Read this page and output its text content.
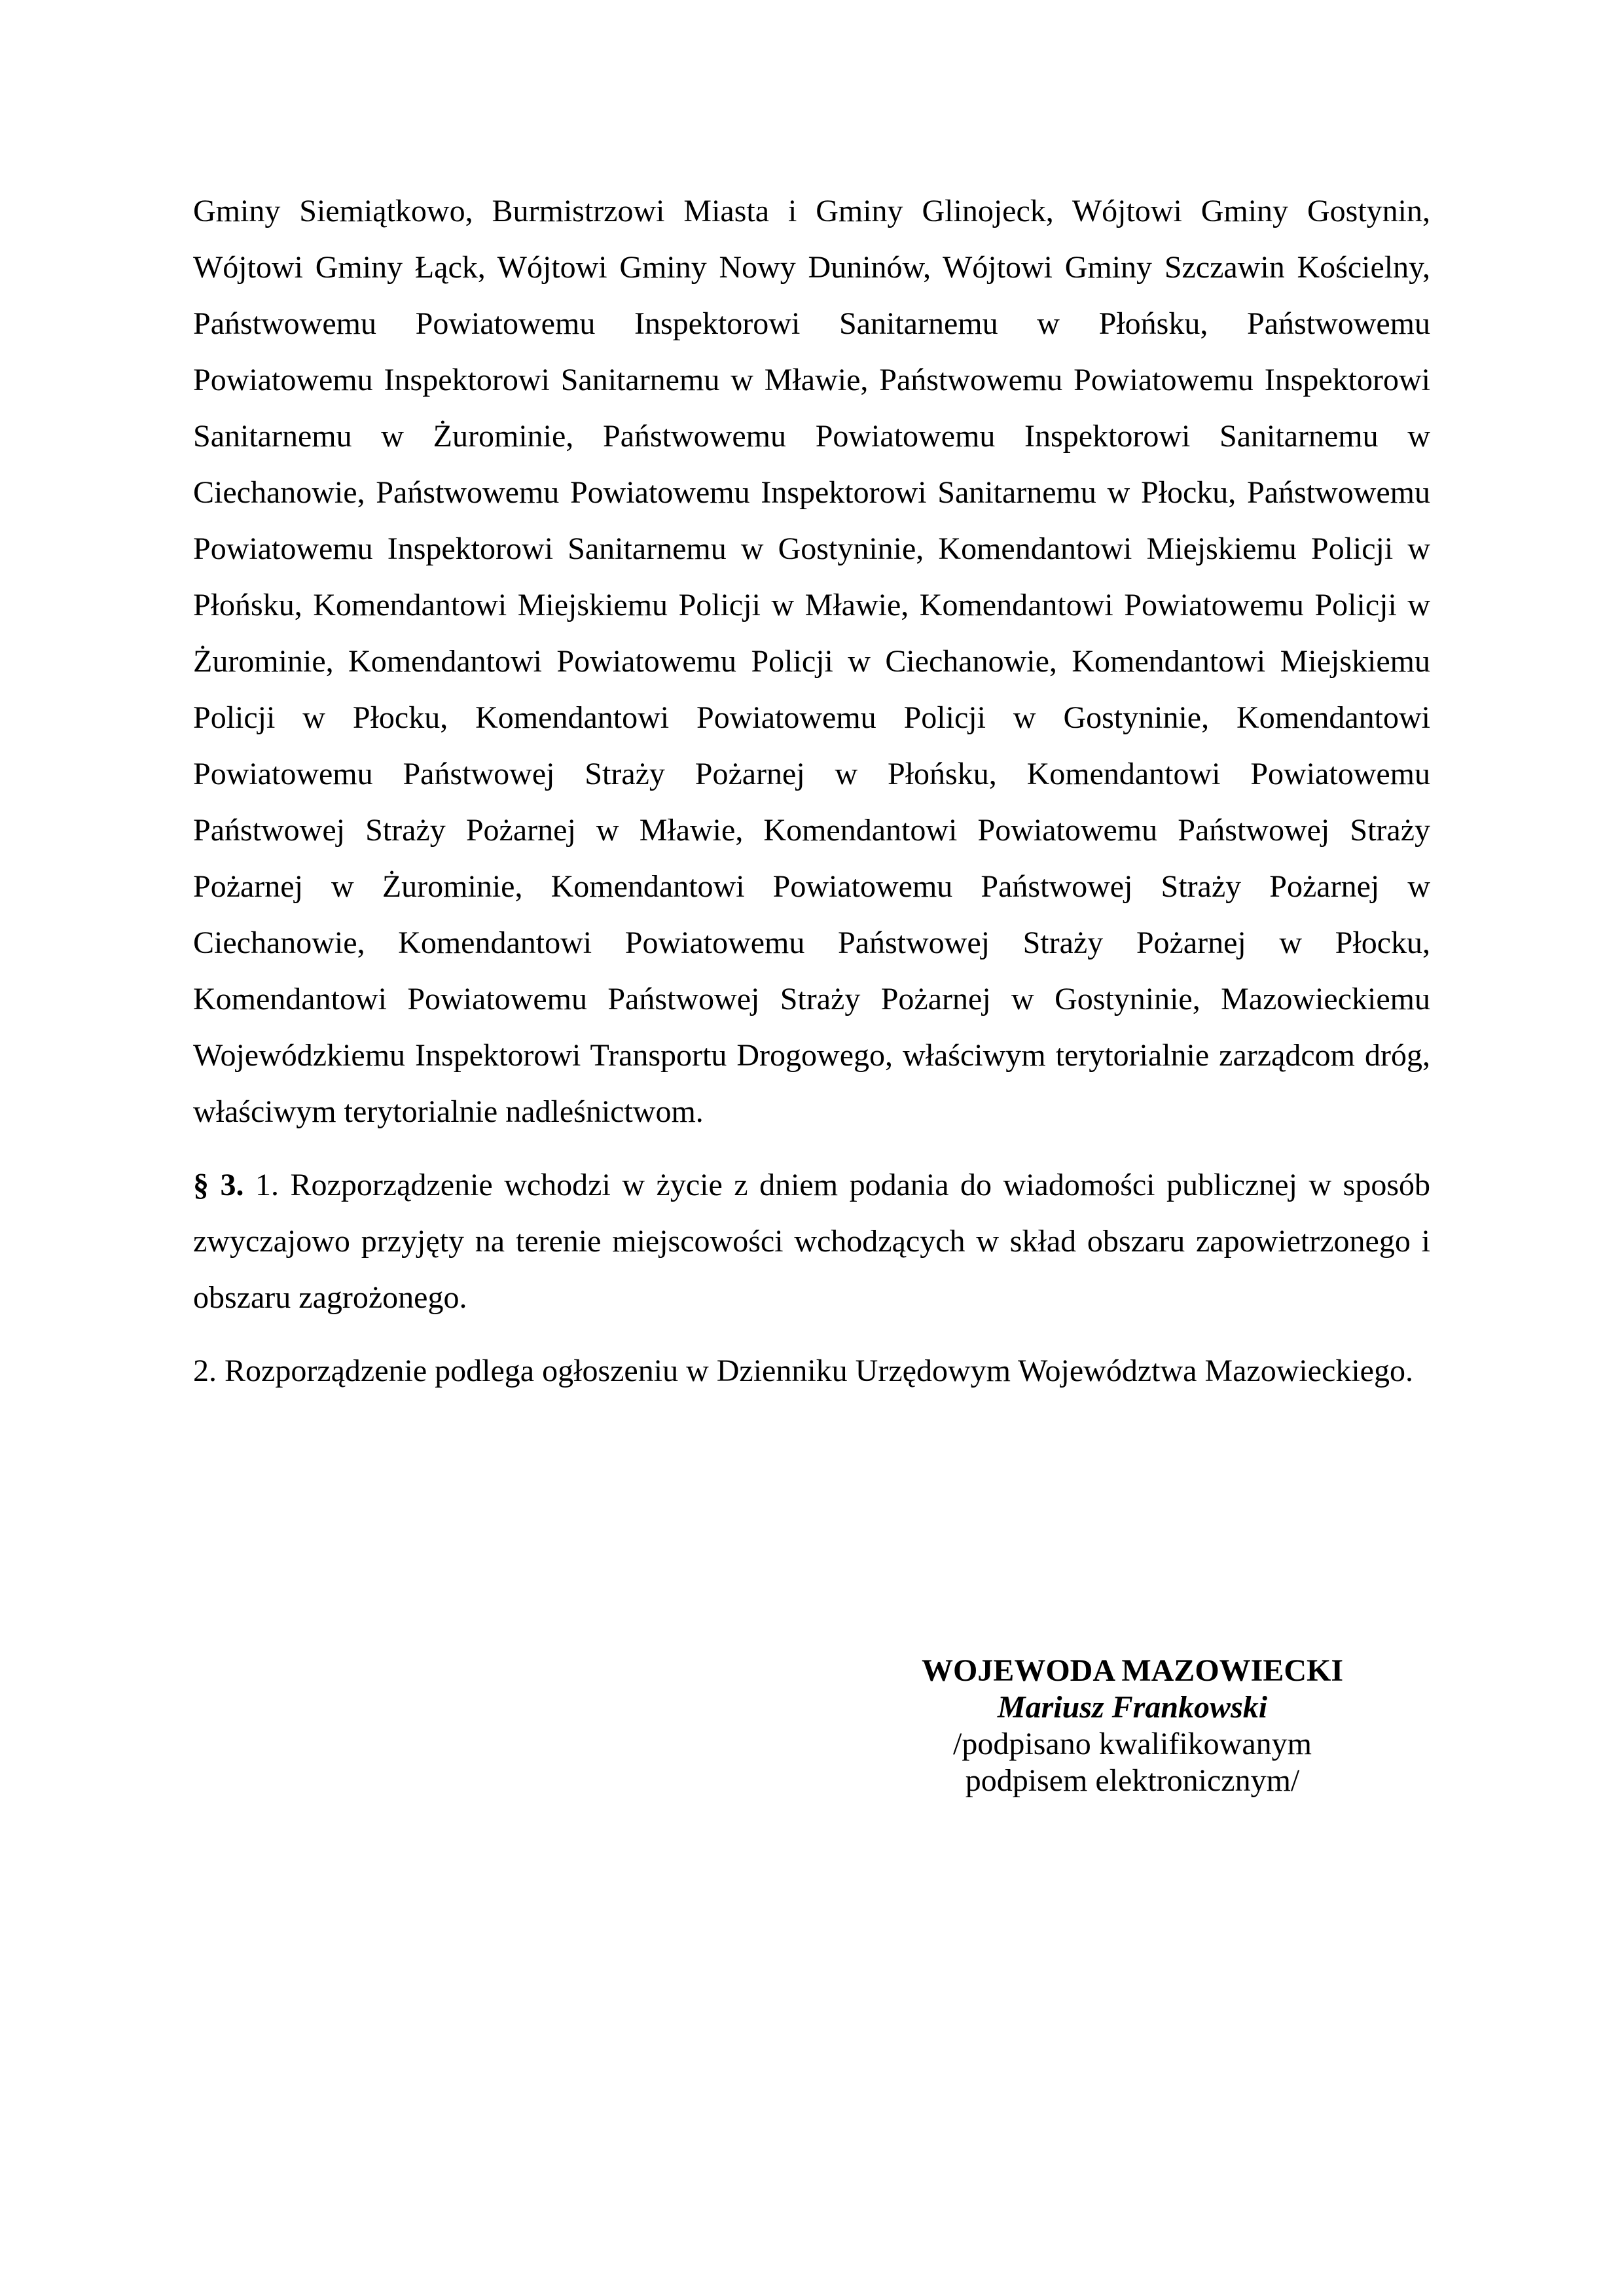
Gminy Siemiątkowo, Burmistrzowi Miasta i Gminy Glinojeck, Wójtowi Gminy Gostynin, Wójtowi Gminy Łąck, Wójtowi Gminy Nowy Duninów, Wójtowi Gminy Szczawin Kościelny, Państwowemu Powiatowemu Inspektorowi Sanitarnemu w Płońsku, Państwowemu Powiatowemu Inspektorowi Sanitarnemu w Mławie, Państwowemu Powiatowemu Inspektorowi Sanitarnemu w Żurominie, Państwowemu Powiatowemu Inspektorowi Sanitarnemu w Ciechanowie, Państwowemu Powiatowemu Inspektorowi Sanitarnemu w Płocku, Państwowemu Powiatowemu Inspektorowi Sanitarnemu w Gostyninie, Komendantowi Miejskiemu Policji w Płońsku, Komendantowi Miejskiemu Policji w Mławie, Komendantowi Powiatowemu Policji w Żurominie, Komendantowi Powiatowemu Policji w Ciechanowie, Komendantowi Miejskiemu Policji w Płocku, Komendantowi Powiatowemu Policji w Gostyninie, Komendantowi Powiatowemu Państwowej Straży Pożarnej w Płońsku, Komendantowi Powiatowemu Państwowej Straży Pożarnej w Mławie, Komendantowi Powiatowemu Państwowej Straży Pożarnej w Żurominie, Komendantowi Powiatowemu Państwowej Straży Pożarnej w Ciechanowie, Komendantowi Powiatowemu Państwowej Straży Pożarnej w Płocku, Komendantowi Powiatowemu Państwowej Straży Pożarnej w Gostyninie, Mazowieckiemu Wojewódzkiemu Inspektorowi Transportu Drogowego, właściwym terytorialnie zarządcom dróg, właściwym terytorialnie nadleśnictwom.

§ 3. 1. Rozporządzenie wchodzi w życie z dniem podania do wiadomości publicznej w sposób zwyczajowo przyjęty na terenie miejscowości wchodzących w skład obszaru zapowietrzonego i obszaru zagrożonego.

2. Rozporządzenie podlega ogłoszeniu w Dzienniku Urzędowym Województwa Mazowieckiego.

WOJEWODA MAZOWIECKI
Mariusz Frankowski
/podpisano kwalifikowanym
podpisem elektronicznym/
